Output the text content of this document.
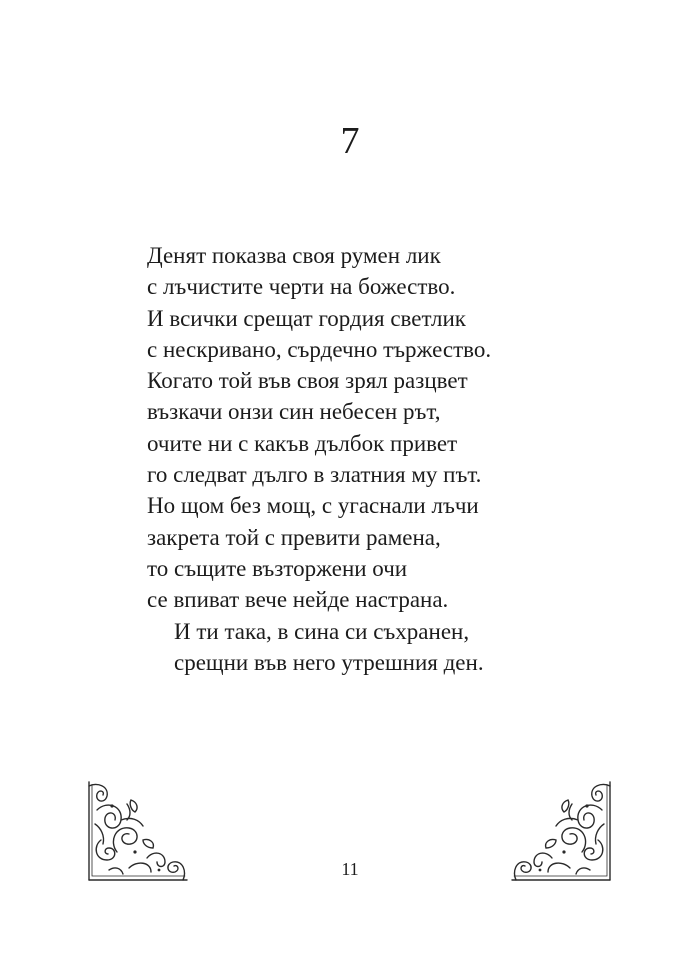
7
Денят показва своя румен лик
с лъчистите черти на божество.
И всички срещат гордия светлик
с нескривано, сърдечно тържество.
Когато той във своя зрял разцвет
възкачи онзи син небесен рът,
очите ни с какъв дълбок привет
го следват дълго в златния му път.
Но щом без мощ, с угаснали лъчи
закрета той с превити рамена,
то същите възторжени очи
се впиват вече нейде настрана.
И ти така, в сина си съхранен,
срещни във него утрешния ден.
11
